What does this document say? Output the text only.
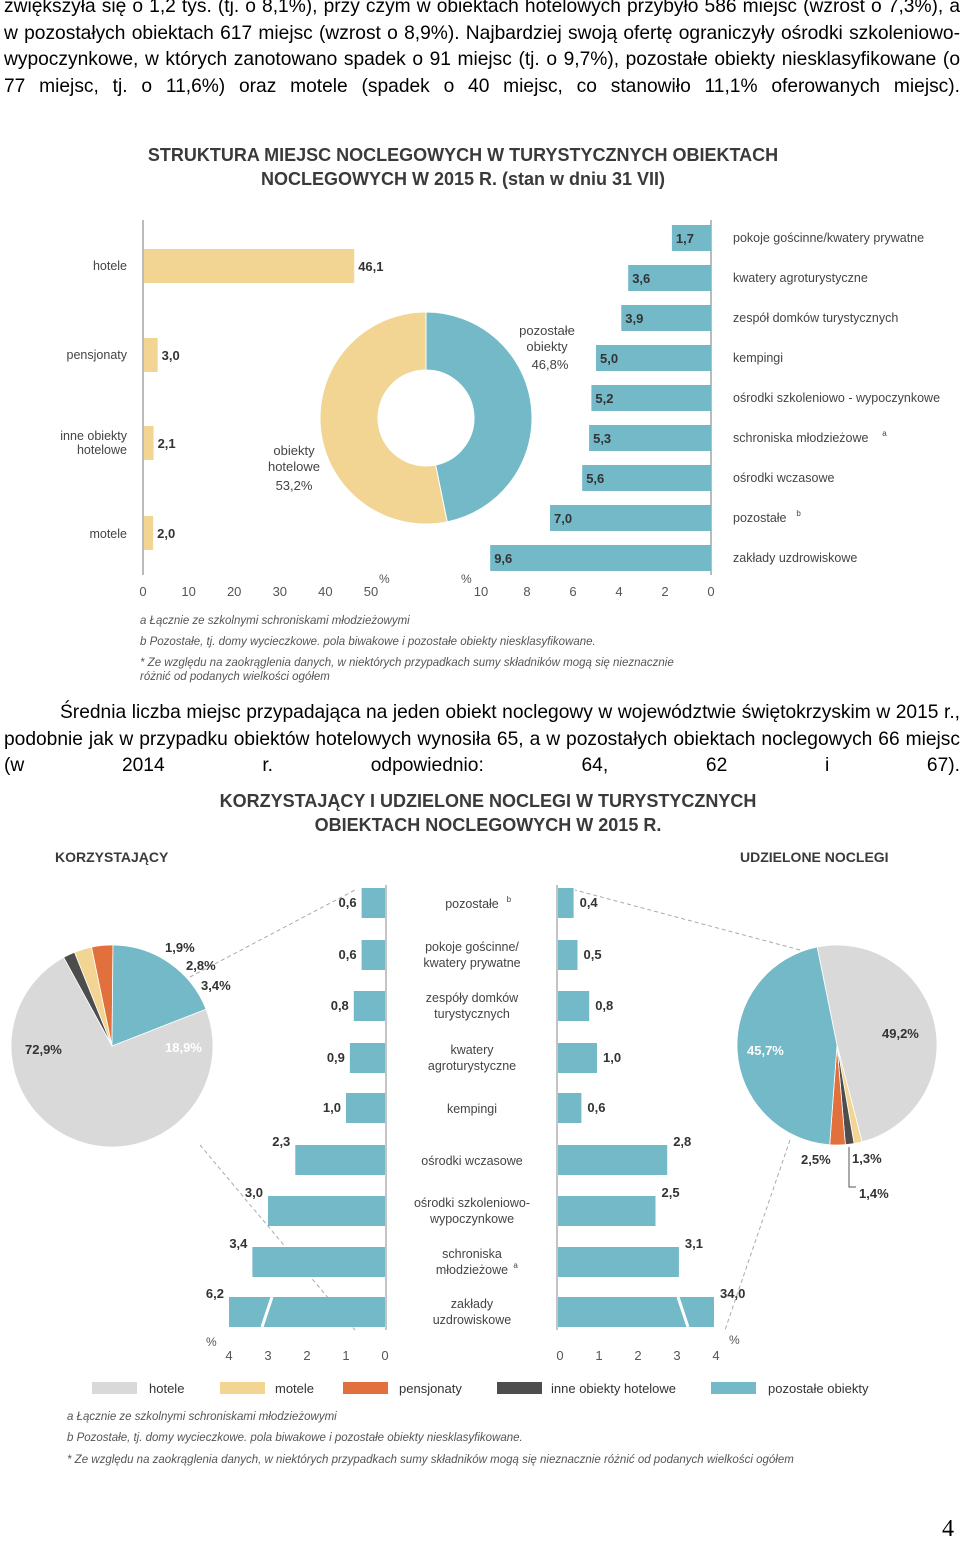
zwiększyła się o 1,2 tys. (tj. o 8,1%), przy czym w obiektach hotelowych przybyło 586 miejsc (wzrost o 7,3%), a w pozostałych obiektach 617 miejsc (wzrost o 8,9%). Najbardziej swoją ofertę ograniczyły ośrodki szkoleniowo-wypoczynkowe, w których zanotowano spadek o 91 miejsc (tj. o 9,7%), pozostałe obiekty niesklasyfikowane (o 77 miejsc, tj. o 11,6%) oraz motele (spadek o 40 miejsc, co stanowiło 11,1% oferowanych miejsc).
STRUKTURA MIEJSC NOCLEGOWYCH W TURYSTYCZNYCH OBIEKTACH
NOCLEGOWYCH W 2015 R. (stan w dniu 31 VII)
46,1
hotele
3,0
pensjonaty
2,1
inne obiekty
hotelowe
2,0
motele
0	10 20 30 40 50
%
pozostałe
obiekty
46,8%
obiekty
hotelowe
53,2%
1,7	pokoje gościnne/kwatery prywatne
3,6	kwatery agroturystyczne
3,9	zespół domków turystycznych
5,0	kempingi
5,2	ośrodki szkoleniowo - wypoczynkowe
5,3	schroniska młodzieżowe a
5,6	ośrodki wczasowe
7,0	pozostałe b
9,6	zakłady uzdrowiskowe
10	8	6	4	2	0
%
a Łącznie ze szkolnymi schroniskami młodzieżowymi
b Pozostałe, tj. domy wycieczkowe. pola biwakowe i pozostałe obiekty niesklasyfikowane.
* Ze względu na zaokrąglenia danych, w niektórych przypadkach sumy składników mogą się nieznacznie
różnić od podanych wielkości ogółem
Średnia liczba miejsc przypadająca na jeden obiekt noclegowy w województwie świętokrzyskim w 2015 r., podobnie jak w przypadku obiektów hotelowych wynosiła 65, a w pozostałych obiektach noclegowych 66 miejsc (w 2014 r. odpowiednio: 64, 62 i 67).
KORZYSTAJĄCY I UDZIELONE NOCLEGI W TURYSTYCZNYCH
OBIEKTACH NOCLEGOWYCH W 2015 R.
KORZYSTAJĄCY	UDZIELONE NOCLEGI
72,9%	18,9%
3,4%
2,8%
1,9%
49,2%
45,7%
2,5% 1,3%
1,4%
0,6	0,4
pozostałe b
0,6	0,5
pokoje gościnne/
kwatery prywatne
0,8	0,8
zespóły domków
turystycznych
0,9	1,0
kwatery
agroturystyczne
1,0	0,6
kempingi
2,3	2,8
ośrodki wczasowe
3,0	2,5
ośrodki szkoleniowo-
wypoczynkowe
3,4	3,1
schroniska
młodzieżowe a
6,2	34,0
zakłady
uzdrowiskowe
4 3 2 1 0	0 1 2 3 4
%	%
hotele	motele	pensjonaty	inne obiekty hotelowe	pozostałe obiekty
a Łącznie ze szkolnymi schroniskami młodzieżowymi
b Pozostałe, tj. domy wycieczkowe. pola biwakowe i pozostałe obiekty niesklasyfikowane.
* Ze względu na zaokrąglenia danych, w niektórych przypadkach sumy składników mogą się nieznacznie różnić od podanych wielkości ogółem
4
